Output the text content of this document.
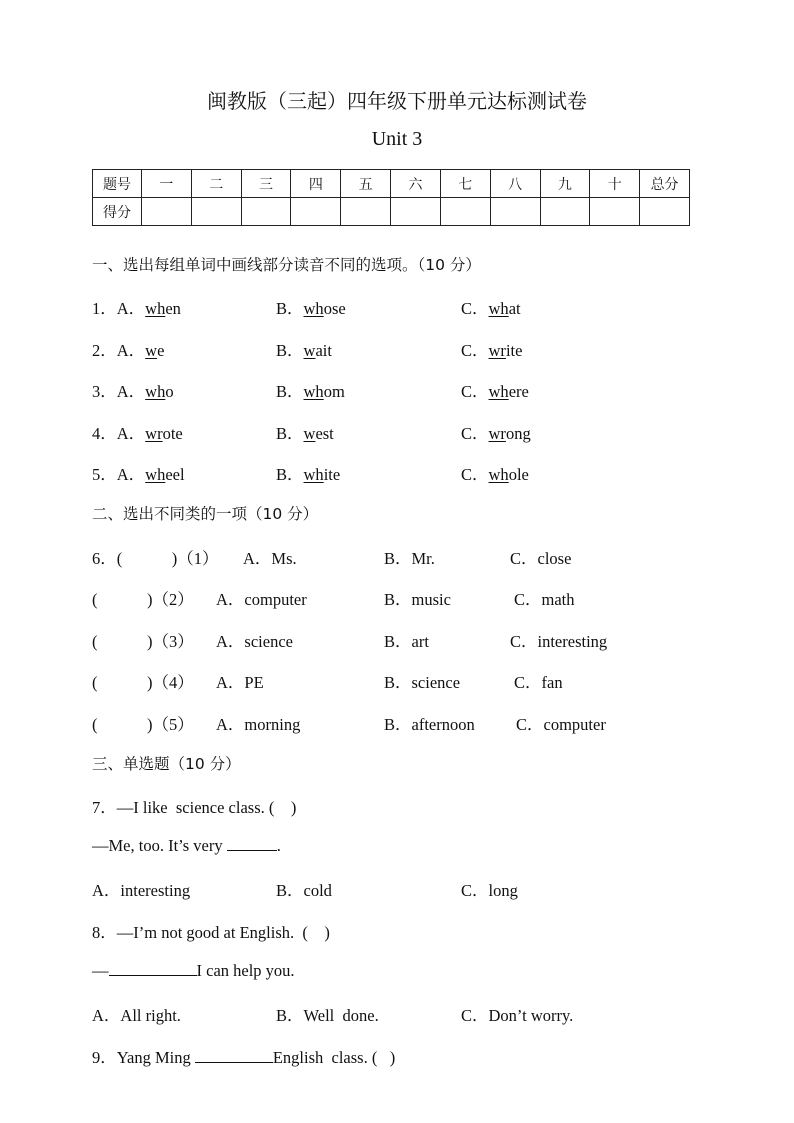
闽教版（三起）四年级下册单元达标测试卷
Unit 3
题号	一	二	三	四	五	六	七	八	九	十	总分
得分											
一、选出每组单词中画线部分读音不同的选项。（10 分）
1．A．when	B．whose	C．what
2．A．we	B．wait	C．write
3．A．who	B．whom	C．where
4．A．wrote	B．west	C．wrong
5．A．wheel	B．white	C．whole
二、选出不同类的一项（10 分）
6．(            )（1） A．Ms.	B．Mr.	C．close
(            )（2） A．computer	B．music	C．math
(            )（3） A．science	B．art	C．interesting
(            )（4） A．PE	B．science	C．fan
(            )（5） A．morning	B．afternoon	C．computer
三、单选题（10 分）
7．—I like  science class. (    )
—Me, too. It’s very	.
A．interesting	B．cold	C．long
8．—I’m not good at English.  (    )
—	I can help you.
A．All right.	B．Well  done.	C．Don’t worry.
9．Yang Ming	English  class. (   )
